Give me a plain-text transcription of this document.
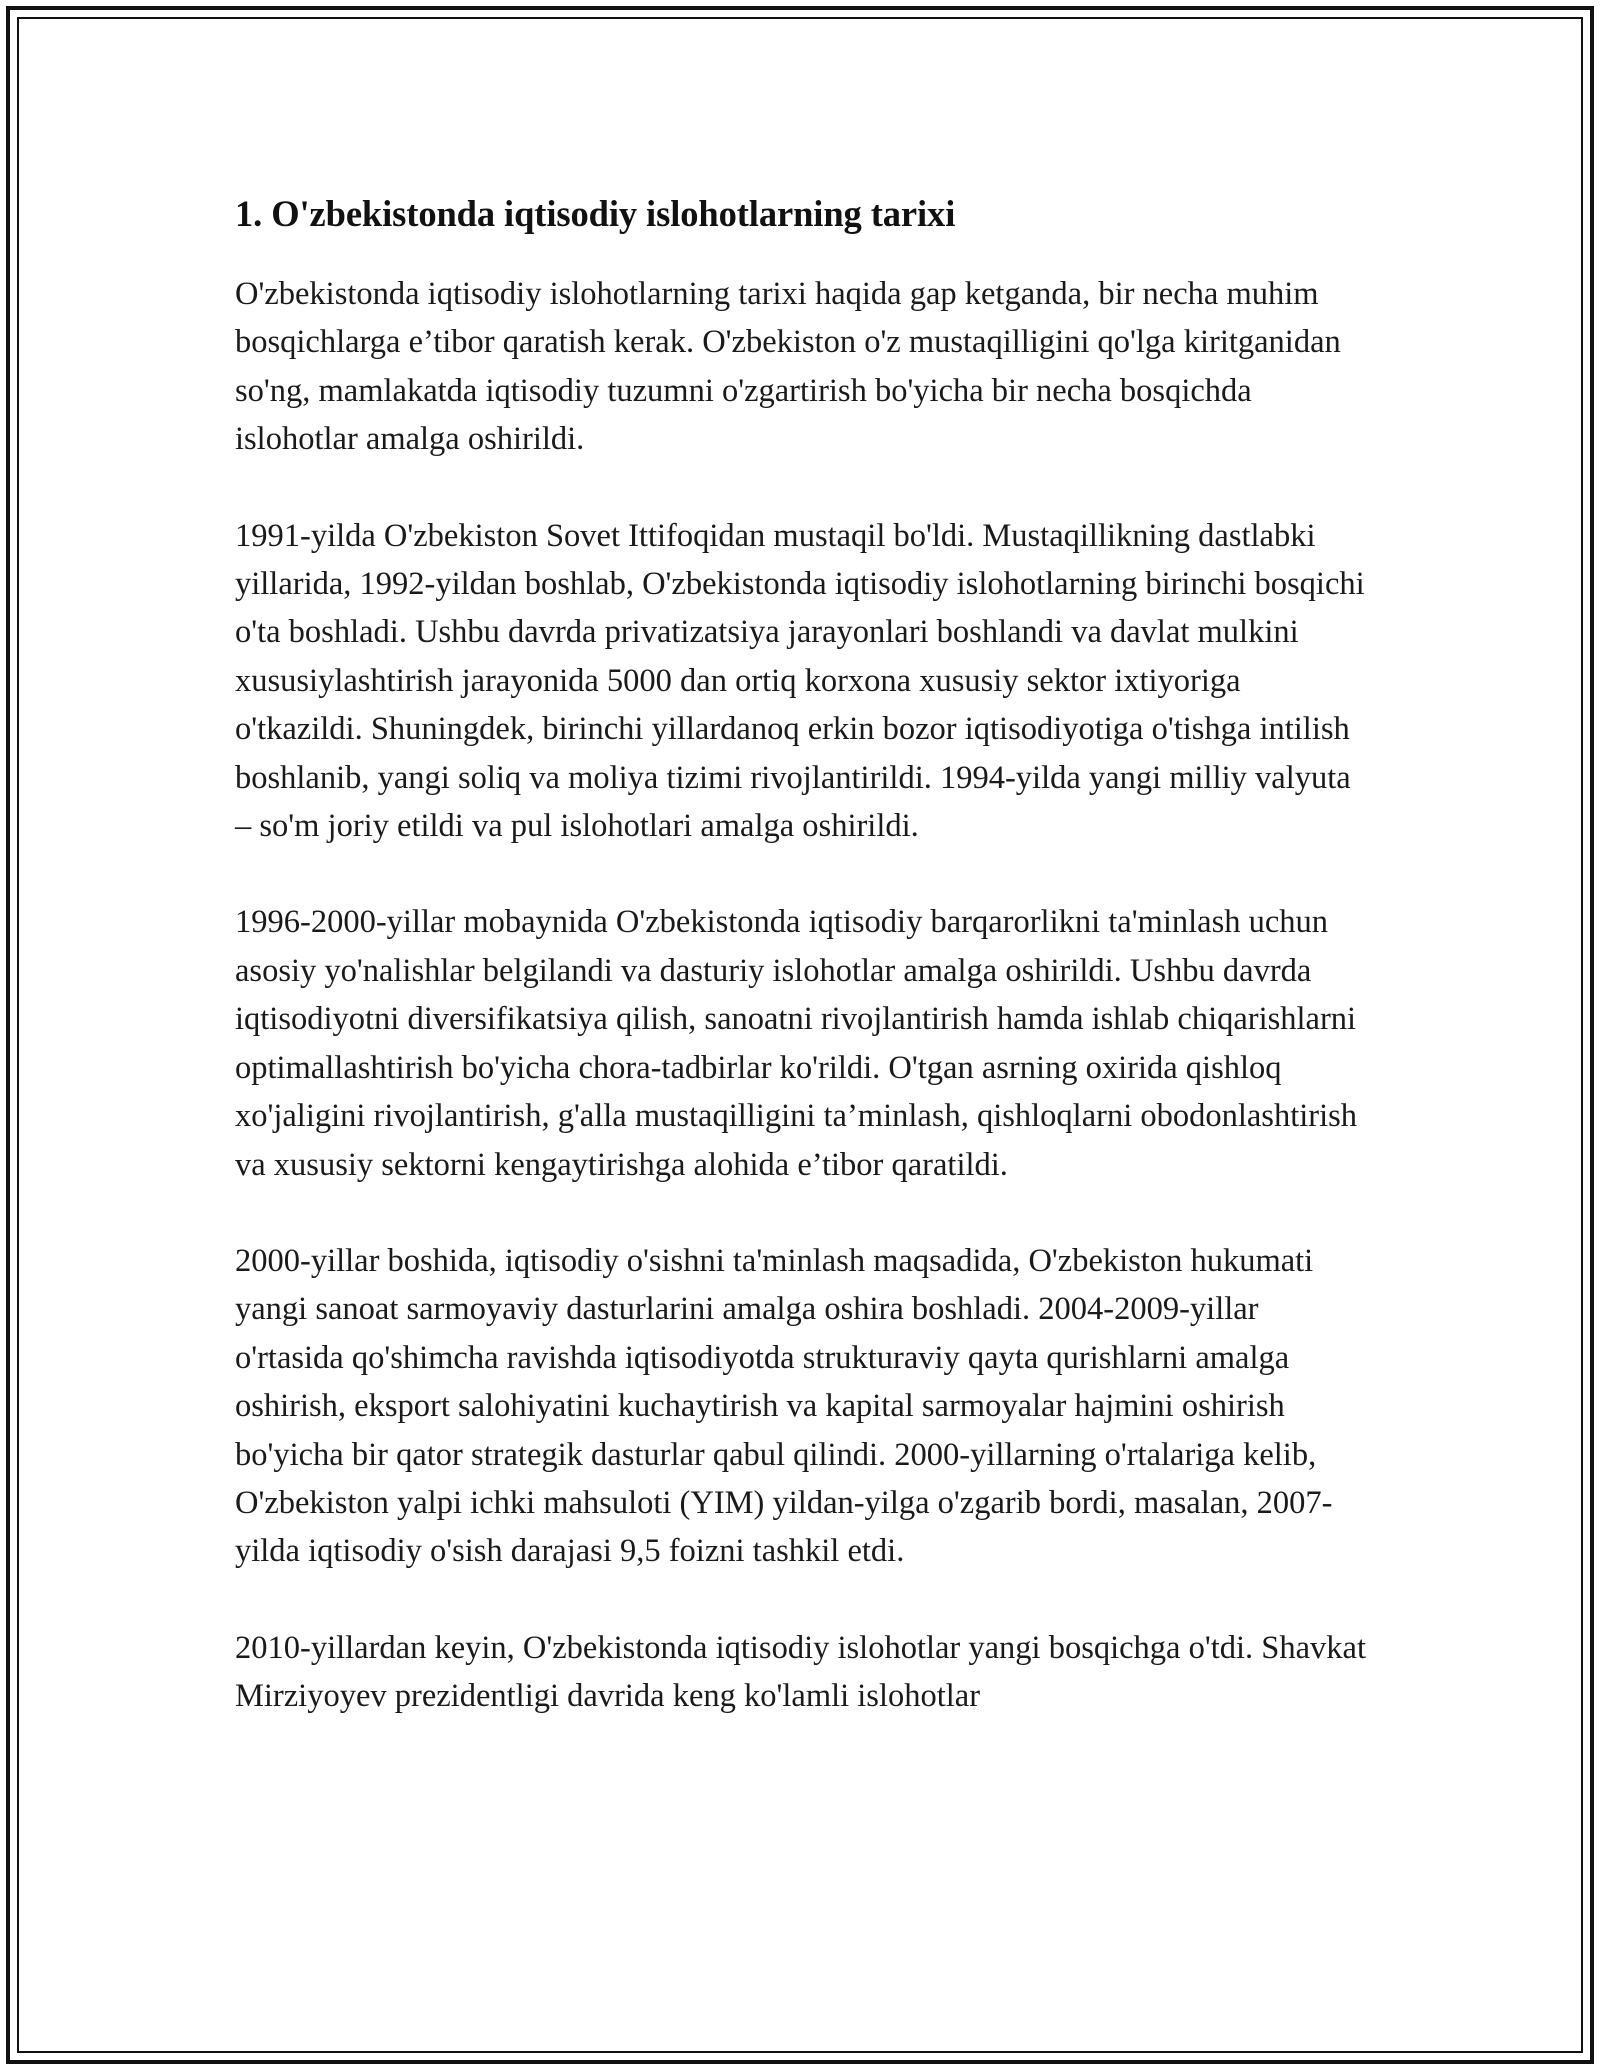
1. O'zbekistonda iqtisodiy islohotlarning tarixi

O'zbekistonda iqtisodiy islohotlarning tarixi haqida gap ketganda, bir necha muhim bosqichlarga e’tibor qaratish kerak. O'zbekiston o'z mustaqilligini qo'lga kiritganidan so'ng, mamlakatda iqtisodiy tuzumni o'zgartirish bo'yicha bir necha bosqichda islohotlar amalga oshirildi.

1991-yilda O'zbekiston Sovet Ittifoqidan mustaqil bo'ldi. Mustaqillikning dastlabki yillarida, 1992-yildan boshlab, O'zbekistonda iqtisodiy islohotlarning birinchi bosqichi o'ta boshladi. Ushbu davrda privatizatsiya jarayonlari boshlandi va davlat mulkini xususiylashtirish jarayonida 5000 dan ortiq korxona xususiy sektor ixtiyoriga o'tkazildi. Shuningdek, birinchi yillardanoq erkin bozor iqtisodiyotiga o'tishga intilish boshlanib, yangi soliq va moliya tizimi rivojlantirildi. 1994-yilda yangi milliy valyuta – so'm joriy etildi va pul islohotlari amalga oshirildi.

1996-2000-yillar mobaynida O'zbekistonda iqtisodiy barqarorlikni ta'minlash uchun asosiy yo'nalishlar belgilandi va dasturiy islohotlar amalga oshirildi. Ushbu davrda iqtisodiyotni diversifikatsiya qilish, sanoatni rivojlantirish hamda ishlab chiqarishlarni optimallashtirish bo'yicha chora-tadbirlar ko'rildi. O'tgan asrning oxirida qishloq xo'jaligini rivojlantirish, g'alla mustaqilligini ta’minlash, qishloqlarni obodonlashtirish va xususiy sektorni kengaytirishga alohida e’tibor qaratildi.

2000-yillar boshida, iqtisodiy o'sishni ta'minlash maqsadida, O'zbekiston hukumati yangi sanoat sarmoyaviy dasturlarini amalga oshira boshladi. 2004-2009-yillar o'rtasida qo'shimcha ravishda iqtisodiyotda strukturaviy qayta qurishlarni amalga oshirish, eksport salohiyatini kuchaytirish va kapital sarmoyalar hajmini oshirish bo'yicha bir qator strategik dasturlar qabul qilindi. 2000-yillarning o'rtalariga kelib, O'zbekiston yalpi ichki mahsuloti (YIM) yildan-yilga o'zgarib bordi, masalan, 2007-yilda iqtisodiy o'sish darajasi 9,5 foizni tashkil etdi.

2010-yillardan keyin, O'zbekistonda iqtisodiy islohotlar yangi bosqichga o'tdi. Shavkat Mirziyoyev prezidentligi davrida keng ko'lamli islohotlar
